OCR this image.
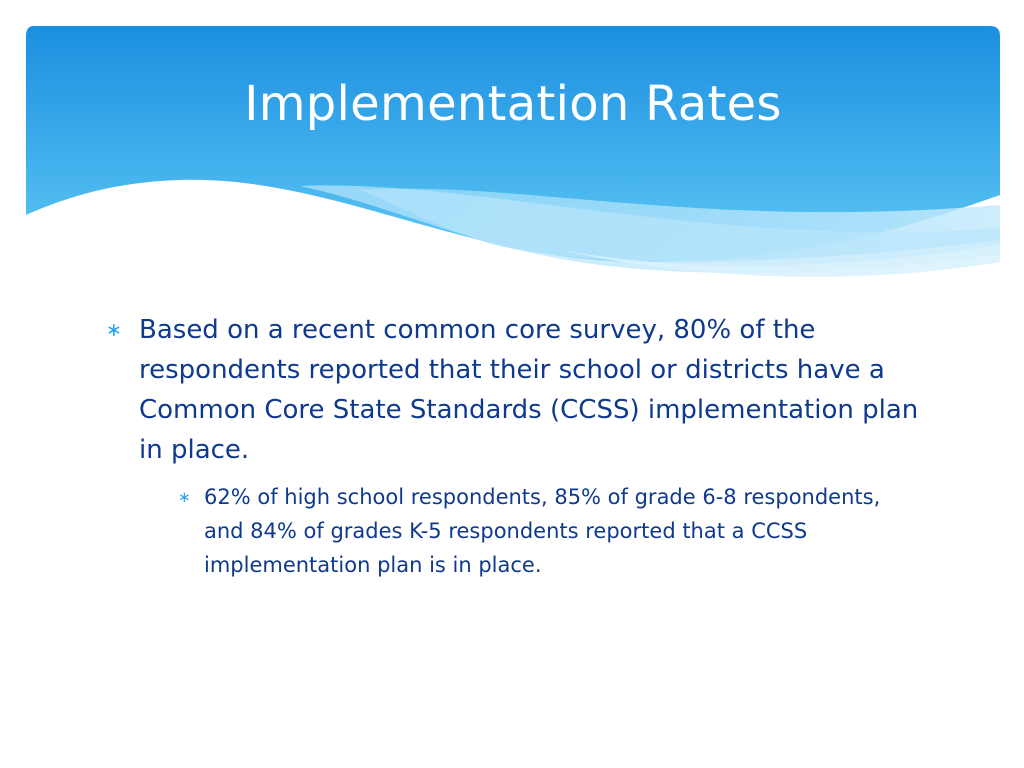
Implementation Rates
∗ Based on a recent common core survey, 80% of the respondents reported that their school or districts have a Common Core State Standards (CCSS) implementation plan in place.
∗ 62% of high school respondents, 85% of grade 6-8 respondents, and 84% of grades K-5 respondents reported that a CCSS implementation plan is in place.
